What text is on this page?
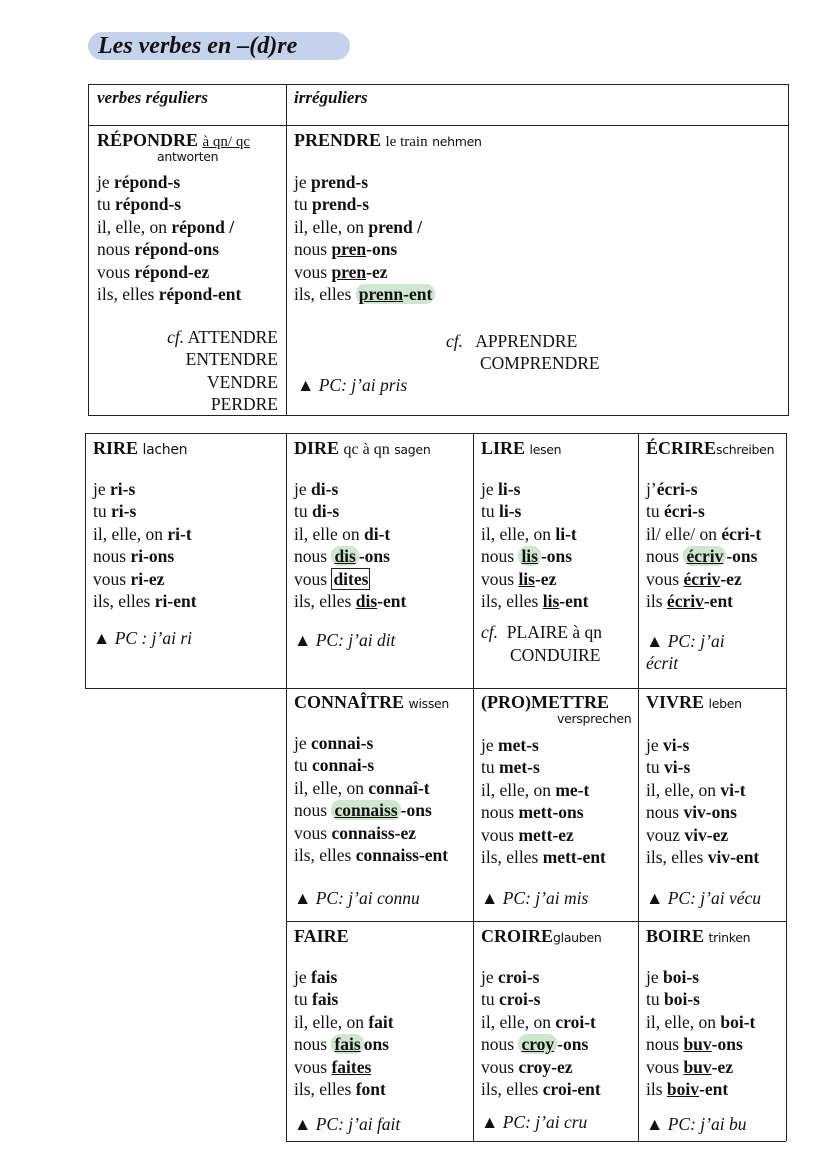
Les verbes en –(d)re
verbes réguliers	irréguliers
RÉPONDRE à qn/ qc
antworten
je répond-s
tu répond-s
il, elle, on répond /
nous répond-ons
vous répond-ez
ils, elles répond-ent
cf. ATTENDRE
ENTENDRE
VENDRE
PERDRE
PRENDRE le train nehmen
je prend-s
tu prend-s
il, elle, on prend /
nous pren-ons
vous pren-ez
ils, elles prenn-ent
cf. APPRENDRE
COMPRENDRE
▲ PC: j’ai pris
RIRE lachen
je ri-s
tu ri-s
il, elle, on ri-t
nous ri-ons
vous ri-ez
ils, elles ri-ent
▲ PC : j’ai ri
DIRE qc à qn sagen
je di-s
tu di-s
il, elle on di-t
nous dis -ons
vous dites
ils, elles dis-ent
▲ PC: j’ai dit
LIRE lesen
je li-s
tu li-s
il, elle, on li-t
nous lis -ons
vous lis-ez
ils, elles lis-ent
cf. PLAIRE à qn
CONDUIRE
ÉCRIREschreiben
j’écri-s
tu écri-s
il/ elle/ on écri-t
nous écriv -ons
vous écriv-ez
ils écriv-ent
▲ PC: j’ai
écrit
CONNAÎTRE wissen
je connai-s
tu connai-s
il, elle, on connaî-t
nous connaiss -ons
vous connaiss-ez
ils, elles connaiss-ent
▲ PC: j’ai connu
(PRO)METTRE
versprechen
je met-s
tu met-s
il, elle, on me-t
nous mett-ons
vous mett-ez
ils, elles mett-ent
▲ PC: j’ai mis
VIVRE leben
je vi-s
tu vi-s
il, elle, on vi-t
nous viv-ons
vouz viv-ez
ils, elles viv-ent
▲ PC: j’ai vécu
FAIRE
je fais
tu fais
il, elle, on fait
nous fais ons
vous faites
ils, elles font
▲ PC: j’ai fait
CROIREglauben
je croi-s
tu croi-s
il, elle, on croi-t
nous croy -ons
vous croy-ez
ils, elles croi-ent
▲ PC: j’ai cru
BOIRE trinken
je boi-s
tu boi-s
il, elle, on boi-t
nous buv-ons
vous buv-ez
ils boiv-ent
▲ PC: j’ai bu
